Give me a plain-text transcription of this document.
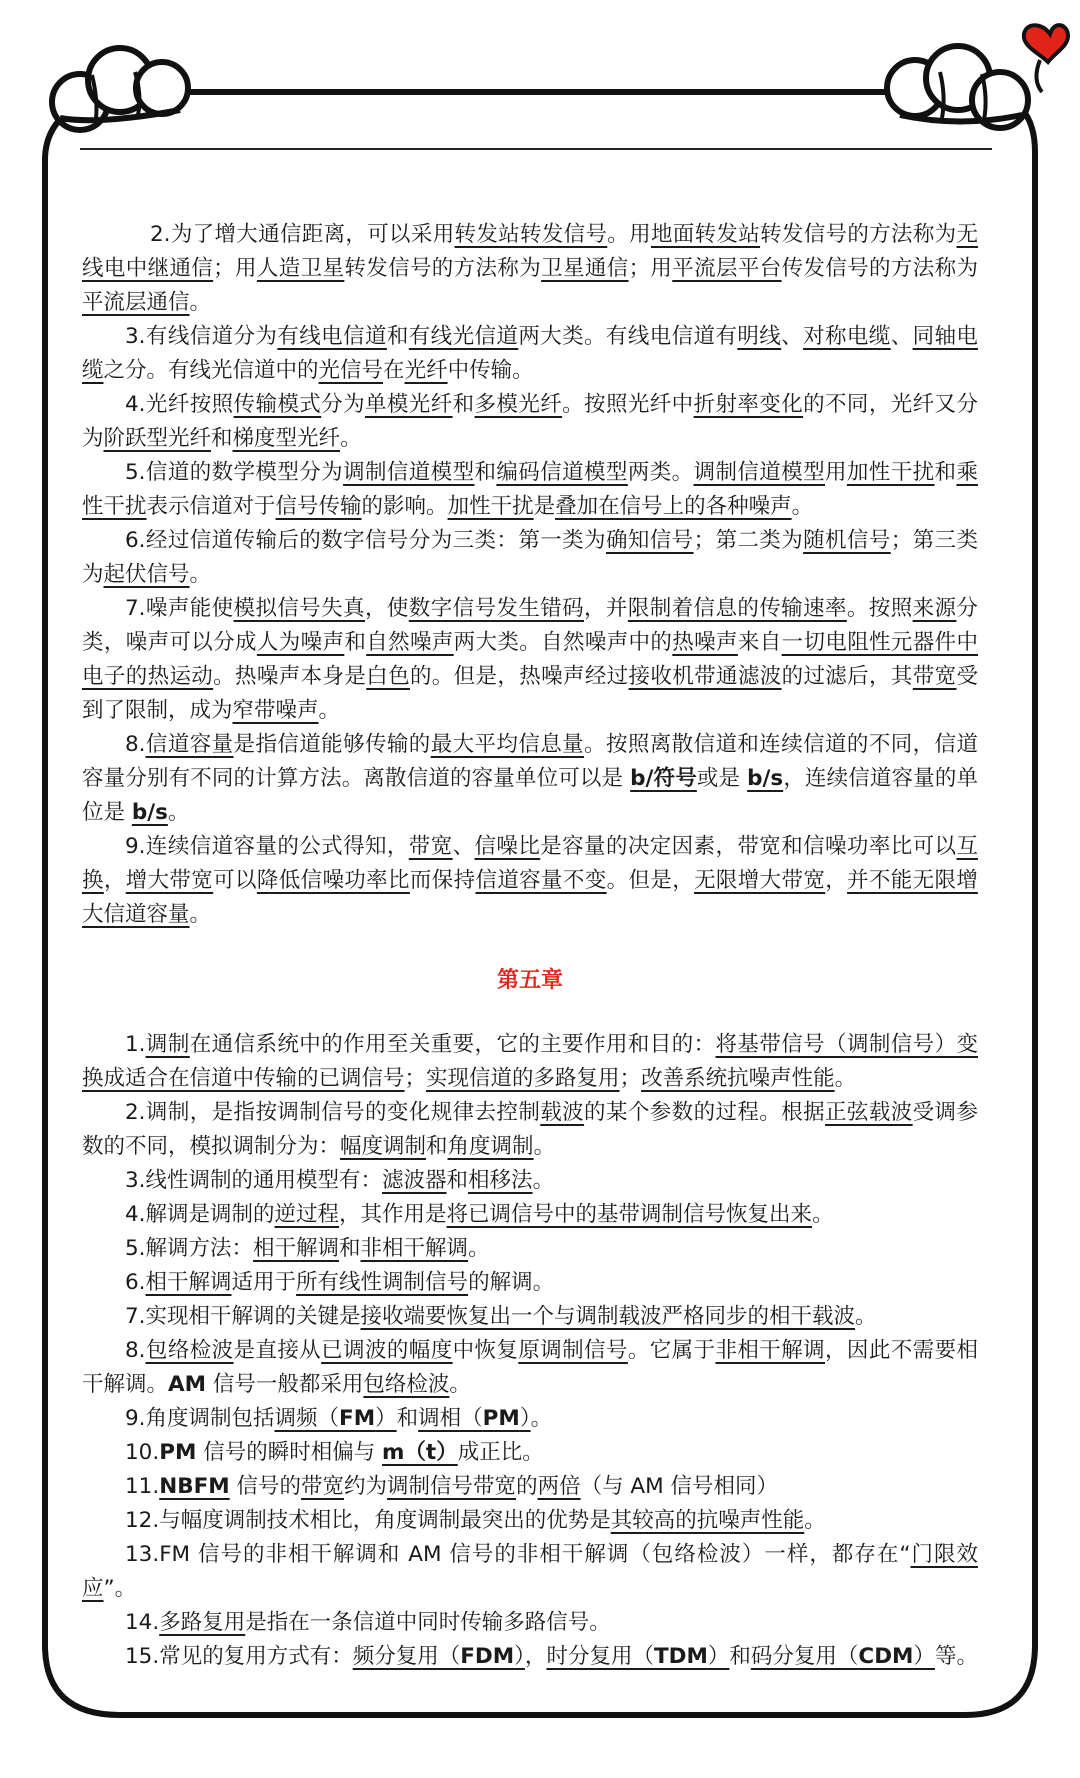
2.为了增大通信距离，可以采用转发站转发信号。用地面转发站转发信号的方法称为无线电中继通信；用人造卫星转发信号的方法称为卫星通信；用平流层平台传发信号的方法称为平流层通信。

3.有线信道分为有线电信道和有线光信道两大类。有线电信道有明线、对称电缆、同轴电缆之分。有线光信道中的光信号在光纤中传输。

4.光纤按照传输模式分为单模光纤和多模光纤。按照光纤中折射率变化的不同，光纤又分为阶跃型光纤和梯度型光纤。

5.信道的数学模型分为调制信道模型和编码信道模型两类。调制信道模型用加性干扰和乘性干扰表示信道对于信号传输的影响。加性干扰是叠加在信号上的各种噪声。

6.经过信道传输后的数字信号分为三类：第一类为确知信号；第二类为随机信号；第三类为起伏信号。

7.噪声能使模拟信号失真，使数字信号发生错码，并限制着信息的传输速率。按照来源分类，噪声可以分成人为噪声和自然噪声两大类。自然噪声中的热噪声来自一切电阻性元器件中电子的热运动。热噪声本身是白色的。但是，热噪声经过接收机带通滤波的过滤后，其带宽受到了限制，成为窄带噪声。

8.信道容量是指信道能够传输的最大平均信息量。按照离散信道和连续信道的不同，信道容量分别有不同的计算方法。离散信道的容量单位可以是 b/符号或是 b/s，连续信道容量的单位是 b/s。

9.连续信道容量的公式得知，带宽、信噪比是容量的决定因素，带宽和信噪功率比可以互换，增大带宽可以降低信噪功率比而保持信道容量不变。但是，无限增大带宽，并不能无限增大信道容量。

第五章

1.调制在通信系统中的作用至关重要，它的主要作用和目的：将基带信号（调制信号）变换成适合在信道中传输的已调信号；实现信道的多路复用；改善系统抗噪声性能。

2.调制，是指按调制信号的变化规律去控制载波的某个参数的过程。根据正弦载波受调参数的不同，模拟调制分为：幅度调制和角度调制。

3.线性调制的通用模型有：滤波器和相移法。

4.解调是调制的逆过程，其作用是将已调信号中的基带调制信号恢复出来。

5.解调方法：相干解调和非相干解调。

6.相干解调适用于所有线性调制信号的解调。

7.实现相干解调的关键是接收端要恢复出一个与调制载波严格同步的相干载波。

8.包络检波是直接从已调波的幅度中恢复原调制信号。它属于非相干解调，因此不需要相干解调。AM 信号一般都采用包络检波。

9.角度调制包括调频（FM）和调相（PM）。

10.PM 信号的瞬时相偏与 m（t）成正比。

11.NBFM 信号的带宽约为调制信号带宽的两倍（与 AM 信号相同）

12.与幅度调制技术相比，角度调制最突出的优势是其较高的抗噪声性能。

13.FM 信号的非相干解调和 AM 信号的非相干解调（包络检波）一样，都存在“门限效应”。

14.多路复用是指在一条信道中同时传输多路信号。

15.常见的复用方式有：频分复用（FDM），时分复用（TDM）和码分复用（CDM）等。
